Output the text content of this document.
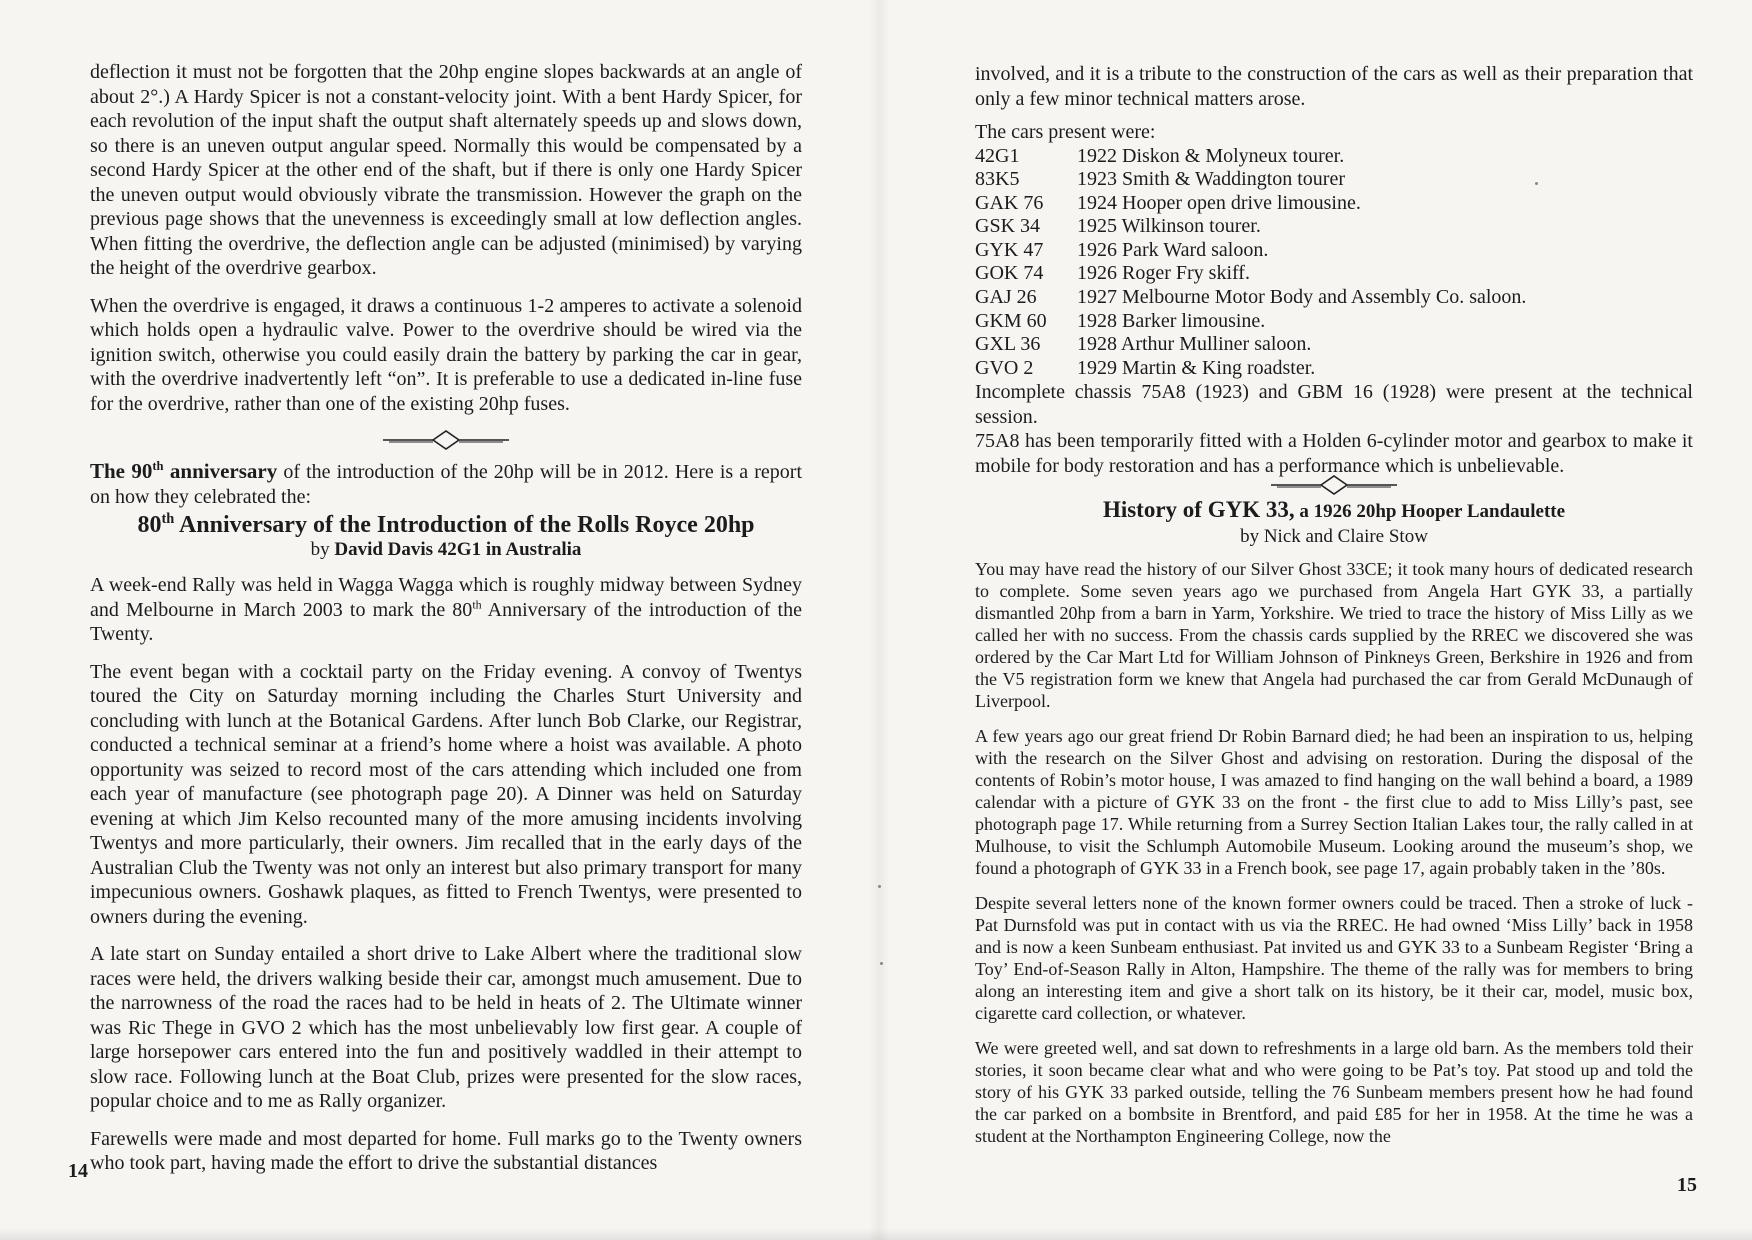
deflection it must not be forgotten that the 20hp engine slopes backwards at an angle of about 2°.) A Hardy Spicer is not a constant-velocity joint. With a bent Hardy Spicer, for each revolution of the input shaft the output shaft alternately speeds up and slows down, so there is an uneven output angular speed. Normally this would be compensated by a second Hardy Spicer at the other end of the shaft, but if there is only one Hardy Spicer the uneven output would obviously vibrate the transmission. However the graph on the previous page shows that the unevenness is exceedingly small at low deflection angles. When fitting the overdrive, the deflection angle can be adjusted (minimised) by varying the height of the overdrive gearbox.

When the overdrive is engaged, it draws a continuous 1-2 amperes to activate a solenoid which holds open a hydraulic valve. Power to the overdrive should be wired via the ignition switch, otherwise you could easily drain the battery by parking the car in gear, with the overdrive inadvertently left “on”. It is preferable to use a dedicated in-line fuse for the overdrive, rather than one of the existing 20hp fuses.

The 90th anniversary of the introduction of the 20hp will be in 2012. Here is a report on how they celebrated the:

80th Anniversary of the Introduction of the Rolls Royce 20hp

by David Davis 42G1 in Australia

A week-end Rally was held in Wagga Wagga which is roughly midway between Sydney and Melbourne in March 2003 to mark the 80th Anniversary of the introduction of the Twenty.

The event began with a cocktail party on the Friday evening. A convoy of Twentys toured the City on Saturday morning including the Charles Sturt University and concluding with lunch at the Botanical Gardens. After lunch Bob Clarke, our Registrar, conducted a technical seminar at a friend’s home where a hoist was available. A photo opportunity was seized to record most of the cars attending which included one from each year of manufacture (see photograph page 20). A Dinner was held on Saturday evening at which Jim Kelso recounted many of the more amusing incidents involving Twentys and more particularly, their owners. Jim recalled that in the early days of the Australian Club the Twenty was not only an interest but also primary transport for many impecunious owners. Goshawk plaques, as fitted to French Twentys, were presented to owners during the evening.

A late start on Sunday entailed a short drive to Lake Albert where the traditional slow races were held, the drivers walking beside their car, amongst much amusement. Due to the narrowness of the road the races had to be held in heats of 2. The Ultimate winner was Ric Thege in GVO 2 which has the most unbelievably low first gear. A couple of large horsepower cars entered into the fun and positively waddled in their attempt to slow race. Following lunch at the Boat Club, prizes were presented for the slow races, popular choice and to me as Rally organizer.

Farewells were made and most departed for home. Full marks go to the Twenty owners who took part, having made the effort to drive the substantial distances

14

involved, and it is a tribute to the construction of the cars as well as their preparation that only a few minor technical matters arose.

The cars present were:

42G1	1922 Diskon & Molyneux tourer.
83K5	1923 Smith & Waddington tourer
GAK 76	1924 Hooper open drive limousine.
GSK 34	1925 Wilkinson tourer.
GYK 47	1926 Park Ward saloon.
GOK 74	1926 Roger Fry skiff.
GAJ 26	1927 Melbourne Motor Body and Assembly Co. saloon.
GKM 60	1928 Barker limousine.
GXL 36	1928 Arthur Mulliner saloon.
GVO 2	1929 Martin & King roadster.

Incomplete chassis 75A8 (1923) and GBM 16 (1928) were present at the technical session.

75A8 has been temporarily fitted with a Holden 6-cylinder motor and gearbox to make it mobile for body restoration and has a performance which is unbelievable.

History of GYK 33, a 1926 20hp Hooper Landaulette

by Nick and Claire Stow

You may have read the history of our Silver Ghost 33CE; it took many hours of dedicated research to complete. Some seven years ago we purchased from Angela Hart GYK 33, a partially dismantled 20hp from a barn in Yarm, Yorkshire. We tried to trace the history of Miss Lilly as we called her with no success. From the chassis cards supplied by the RREC we discovered she was ordered by the Car Mart Ltd for William Johnson of Pinkneys Green, Berkshire in 1926 and from the V5 registration form we knew that Angela had purchased the car from Gerald McDunaugh of Liverpool.

A few years ago our great friend Dr Robin Barnard died; he had been an inspiration to us, helping with the research on the Silver Ghost and advising on restoration. During the disposal of the contents of Robin’s motor house, I was amazed to find hanging on the wall behind a board, a 1989 calendar with a picture of GYK 33 on the front - the first clue to add to Miss Lilly’s past, see photograph page 17. While returning from a Surrey Section Italian Lakes tour, the rally called in at Mulhouse, to visit the Schlumph Automobile Museum. Looking around the museum’s shop, we found a photograph of GYK 33 in a French book, see page 17, again probably taken in the ’80s.

Despite several letters none of the known former owners could be traced. Then a stroke of luck - Pat Durnsfold was put in contact with us via the RREC. He had owned ‘Miss Lilly’ back in 1958 and is now a keen Sunbeam enthusiast. Pat invited us and GYK 33 to a Sunbeam Register ‘Bring a Toy’ End-of-Season Rally in Alton, Hampshire. The theme of the rally was for members to bring along an interesting item and give a short talk on its history, be it their car, model, music box, cigarette card collection, or whatever.

We were greeted well, and sat down to refreshments in a large old barn. As the members told their stories, it soon became clear what and who were going to be Pat’s toy. Pat stood up and told the story of his GYK 33 parked outside, telling the 76 Sunbeam members present how he had found the car parked on a bombsite in Brentford, and paid £85 for her in 1958. At the time he was a student at the Northampton Engineering College, now the

15
